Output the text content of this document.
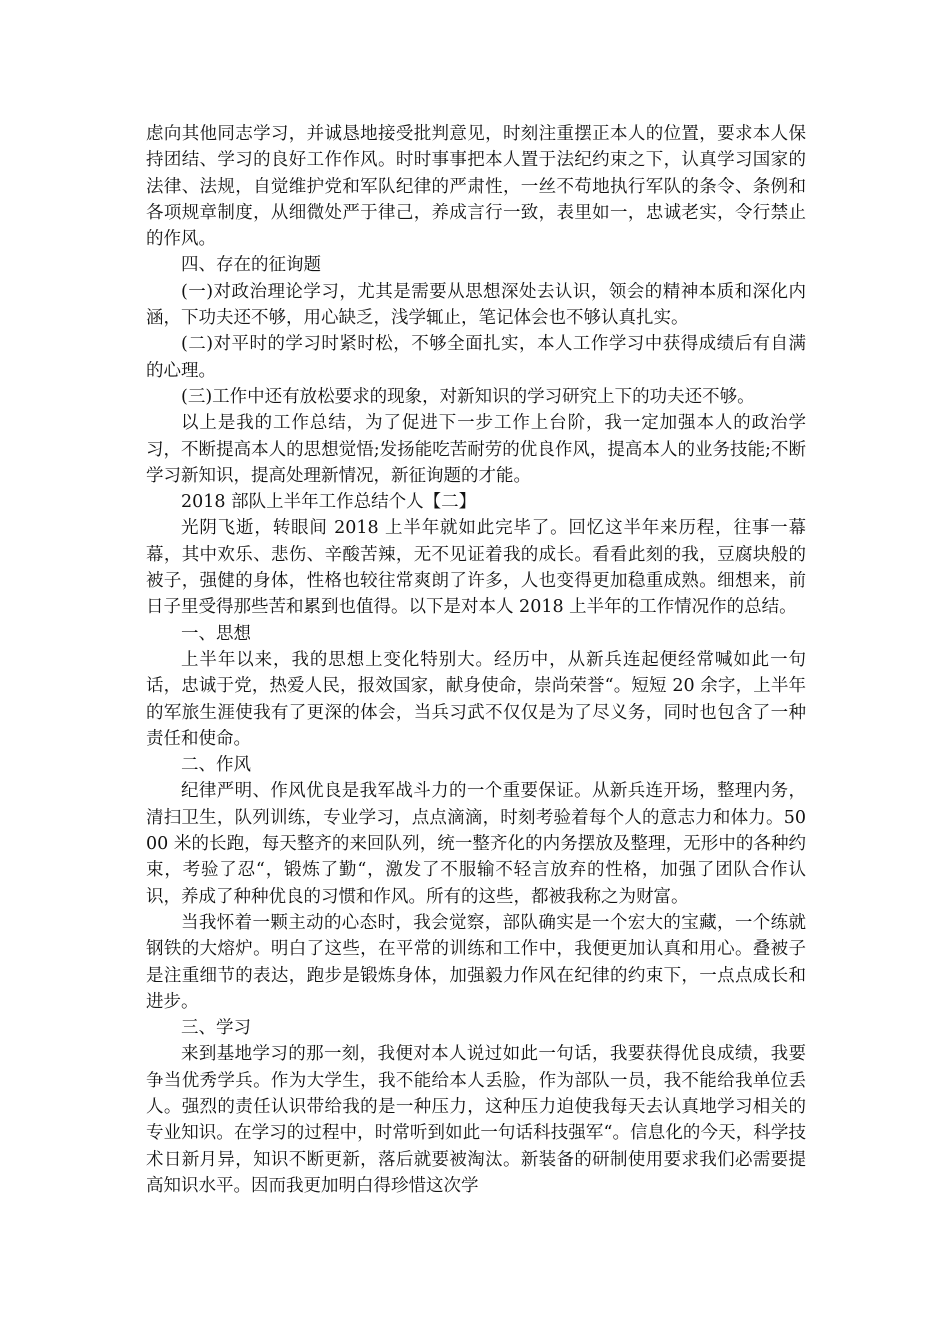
虑向其他同志学习，并诚恳地接受批判意见，时刻注重摆正本人的位置，要求本人保持团结、学习的良好工作作风。时时事事把本人置于法纪约束之下，认真学习国家的法律、法规，自觉维护党和军队纪律的严肃性，一丝不苟地执行军队的条令、条例和各项规章制度，从细微处严于律己，养成言行一致，表里如一，忠诚老实，令行禁止的作风。

四、存在的征询题

(一)对政治理论学习，尤其是需要从思想深处去认识，领会的精神本质和深化内涵，下功夫还不够，用心缺乏，浅学辄止，笔记体会也不够认真扎实。

(二)对平时的学习时紧时松，不够全面扎实，本人工作学习中获得成绩后有自满的心理。

(三)工作中还有放松要求的现象，对新知识的学习研究上下的功夫还不够。

以上是我的工作总结，为了促进下一步工作上台阶，我一定加强本人的政治学习，不断提高本人的思想觉悟;发扬能吃苦耐劳的优良作风，提高本人的业务技能;不断学习新知识，提高处理新情况，新征询题的才能。

2018 部队上半年工作总结个人【二】

光阴飞逝，转眼间 2018 上半年就如此完毕了。回忆这半年来历程，往事一幕幕，其中欢乐、悲伤、辛酸苦辣，无不见证着我的成长。看看此刻的我，豆腐块般的被子，强健的身体，性格也较往常爽朗了许多，人也变得更加稳重成熟。细想来，前日子里受得那些苦和累到也值得。以下是对本人 2018 上半年的工作情况作的总结。

一、思想

上半年以来，我的思想上变化特别大。经历中，从新兵连起便经常喊如此一句话，忠诚于党，热爱人民，报效国家，献身使命，崇尚荣誉“。短短 20 余字，上半年的军旅生涯使我有了更深的体会，当兵习武不仅仅是为了尽义务，同时也包含了一种责任和使命。

二、作风

纪律严明、作风优良是我军战斗力的一个重要保证。从新兵连开场，整理内务，清扫卫生，队列训练，专业学习，点点滴滴，时刻考验着每个人的意志力和体力。5000 米的长跑，每天整齐的来回队列，统一整齐化的内务摆放及整理，无形中的各种约束，考验了忍“，锻炼了勤“，激发了不服输不轻言放弃的性格，加强了团队合作认识，养成了种种优良的习惯和作风。所有的这些，都被我称之为财富。

当我怀着一颗主动的心态时，我会觉察，部队确实是一个宏大的宝藏，一个练就钢铁的大熔炉。明白了这些，在平常的训练和工作中，我便更加认真和用心。叠被子是注重细节的表达，跑步是锻炼身体，加强毅力作风在纪律的约束下，一点点成长和进步。

三、学习

来到基地学习的那一刻，我便对本人说过如此一句话，我要获得优良成绩，我要争当优秀学兵。作为大学生，我不能给本人丢脸，作为部队一员，我不能给我单位丢人。强烈的责任认识带给我的是一种压力，这种压力迫使我每天去认真地学习相关的专业知识。在学习的过程中，时常听到如此一句话科技强军“。信息化的今天，科学技术日新月异，知识不断更新，落后就要被淘汰。新装备的研制使用要求我们必需要提高知识水平。因而我更加明白得珍惜这次学
